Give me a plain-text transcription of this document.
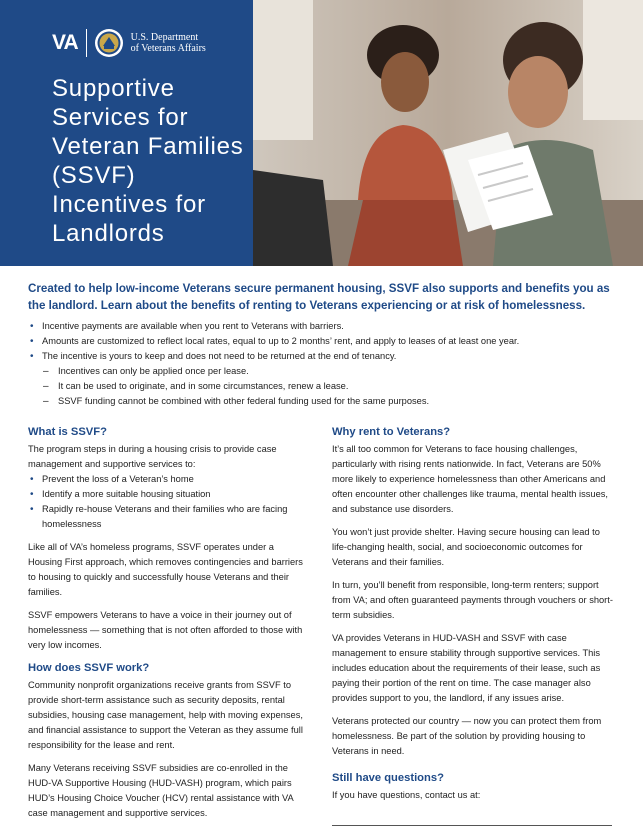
VA	U.S. Department
of Veterans Affairs
Supportive Services for Veteran Families (SSVF) Incentives for Landlords

Created to help low-income Veterans secure permanent housing, SSVF also supports and benefits you as the landlord. Learn about the benefits of renting to Veterans experiencing or at risk of homelessness.

• Incentive payments are available when you rent to Veterans with barriers.
• Amounts are customized to reflect local rates, equal to up to 2 months’ rent, and apply to leases of at least one year.
• The incentive is yours to keep and does not need to be returned at the end of tenancy.
– Incentives can only be applied once per lease.
– It can be used to originate, and in some circumstances, renew a lease.
– SSVF funding cannot be combined with other federal funding used for the same purposes.
What is SSVF?

The program steps in during a housing crisis to provide case management and supportive services to:

• Prevent the loss of a Veteran’s home
• Identify a more suitable housing situation
• Rapidly re-house Veterans and their families who are facing homelessness

Like all of VA’s homeless programs, SSVF operates under a Housing First approach, which removes contingencies and barriers to housing to quickly and successfully house Veterans and their families.

SSVF empowers Veterans to have a voice in their journey out of homelessness — something that is not often afforded to those with very low incomes.

How does SSVF work?

Community nonprofit organizations receive grants from SSVF to provide short-term assistance such as security deposits, rental subsidies, housing case management, help with moving expenses, and financial assistance to support the Veteran as they assume full responsibility for the lease and rent.

Many Veterans receiving SSVF subsidies are co-enrolled in the HUD-VA Supportive Housing (HUD-VASH) program, which pairs HUD’s Housing Choice Voucher (HCV) rental assistance with VA case management and supportive services.

Why rent to Veterans?

It’s all too common for Veterans to face housing challenges, particularly with rising rents nationwide. In fact, Veterans are 50% more likely to experience homelessness than other Americans and often encounter other challenges like trauma, mental health issues, and substance use disorders.

You won’t just provide shelter. Having secure housing can lead to life-changing health, social, and socioeconomic outcomes for Veterans and their families.

In turn, you’ll benefit from responsible, long-term renters; support from VA; and often guaranteed payments through vouchers or short-term subsidies.

VA provides Veterans in HUD-VASH and SSVF with case management to ensure stability through supportive services. This includes education about the requirements of their lease, such as paying their portion of the rent on time. The case manager also provides support to you, the landlord, if any issues arise.

Veterans protected our country — now you can protect them from homelessness. Be part of the solution by providing housing to Veterans in need.

Still have questions?

If you have questions, contact us at:
